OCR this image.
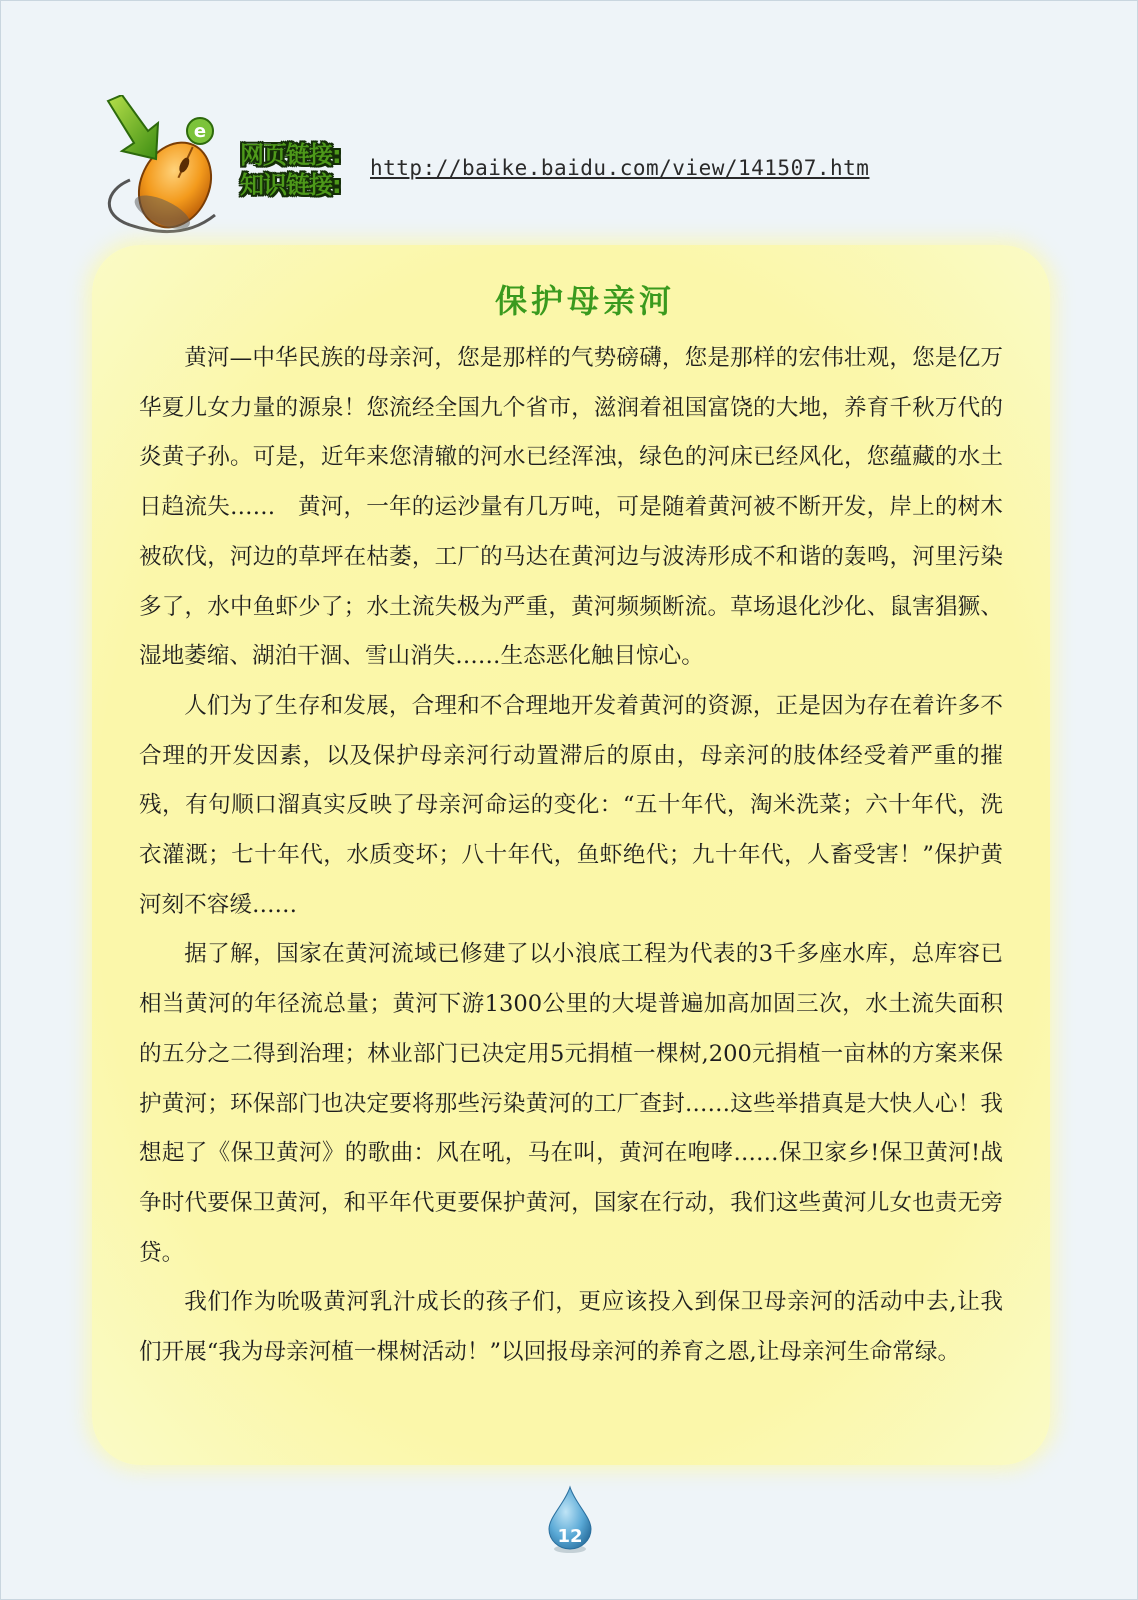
e
网页链接:
知识链接:
http://baike.baidu.com/view/141507.htm
保护母亲河

黄河—中华民族的母亲河，您是那样的气势磅礴，您是那样的宏伟壮观，您是亿万华夏儿女力量的源泉！您流经全国九个省市，滋润着祖国富饶的大地，养育千秋万代的炎黄子孙。可是，近年来您清辙的河水已经浑浊，绿色的河床已经风化，您蕴藏的水土日趋流失……　黄河，一年的运沙量有几万吨，可是随着黄河被不断开发，岸上的树木被砍伐，河边的草坪在枯萎，工厂的马达在黄河边与波涛形成不和谐的轰鸣，河里污染多了，水中鱼虾少了；水土流失极为严重，黄河频频断流。草场退化沙化、鼠害猖獗、湿地萎缩、湖泊干涸、雪山消失……生态恶化触目惊心。

人们为了生存和发展，合理和不合理地开发着黄河的资源，正是因为存在着许多不合理的开发因素，以及保护母亲河行动置滞后的原由，母亲河的肢体经受着严重的摧残，有句顺口溜真实反映了母亲河命运的变化：“五十年代，淘米洗菜；六十年代，洗衣灌溉；七十年代，水质变坏；八十年代，鱼虾绝代；九十年代，人畜受害！”保护黄河刻不容缓……

据了解，国家在黄河流域已修建了以小浪底工程为代表的3千多座水库，总库容已相当黄河的年径流总量；黄河下游1300公里的大堤普遍加高加固三次，水土流失面积的五分之二得到治理；林业部门已决定用5元捐植一棵树,200元捐植一亩林的方案来保护黄河；环保部门也决定要将那些污染黄河的工厂查封……这些举措真是大快人心！我想起了《保卫黄河》的歌曲：风在吼，马在叫，黄河在咆哮……保卫家乡!保卫黄河!战争时代要保卫黄河，和平年代更要保护黄河，国家在行动，我们这些黄河儿女也责无旁贷。

我们作为吮吸黄河乳汁成长的孩子们，更应该投入到保卫母亲河的活动中去,让我们开展“我为母亲河植一棵树活动！”以回报母亲河的养育之恩,让母亲河生命常绿。

12
